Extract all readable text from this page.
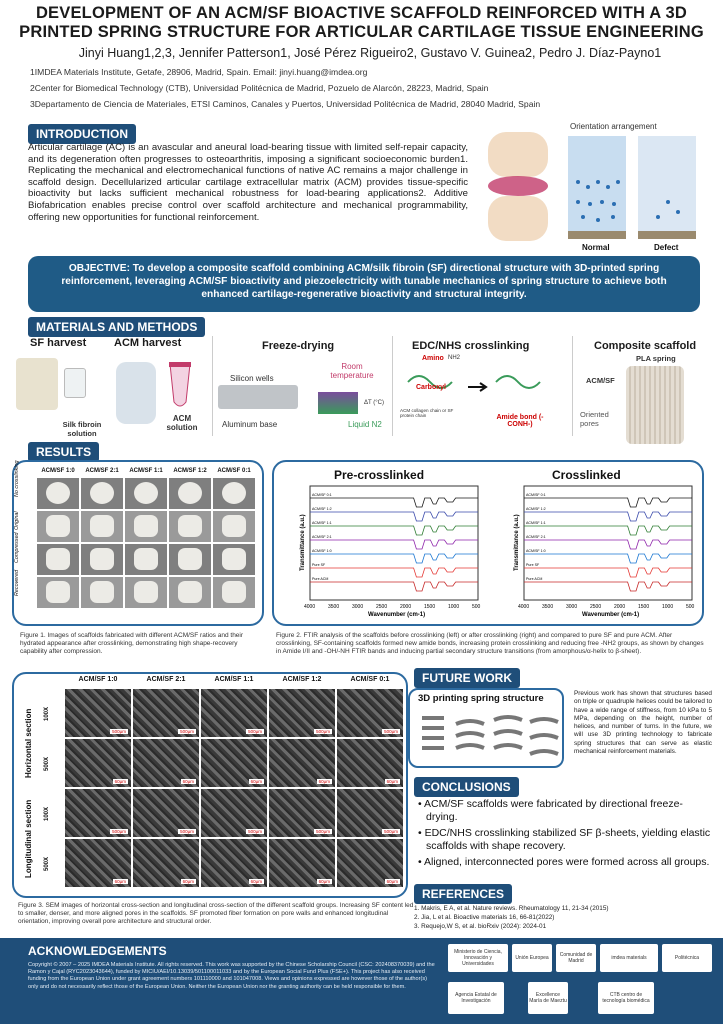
DEVELOPMENT OF AN ACM/SF BIOACTIVE SCAFFOLD REINFORCED WITH A 3D
PRINTED SPRING STRUCTURE FOR ARTICULAR CARTILAGE TISSUE ENGINEERING
Jinyi Huang1,2,3, Jennifer Patterson1, José Pérez Rigueiro2, Gustavo V. Guinea2, Pedro J. Díaz-Payno1
1IMDEA Materials Institute, Getafe, 28906, Madrid, Spain. Email: jinyi.huang@imdea.org
2Center for Biomedical Technology (CTB), Universidad Politécnica de Madrid, Pozuelo de Alarcón, 28223, Madrid, Spain
3Departamento de Ciencia de Materiales, ETSI Caminos, Canales y Puertos, Universidad Politécnica de Madrid, 28040 Madrid, Spain
INTRODUCTION
Articular cartilage (AC) is an avascular and aneural load-bearing tissue with limited self-repair capacity, and its degeneration often progresses to osteoarthritis, imposing a significant socioeconomic burden1. Replicating the mechanical and electromechanical functions of native AC remains a major challenge in scaffold design. Decellularized articular cartilage extracellular matrix (ACM) provides tissue-specific bioactivity but lacks sufficient mechanical robustness for load-bearing applications2. Additive Biofabrication enables precise control over scaffold architecture and mechanical programmability, offering new opportunities for functional reinforcement.
Orientation arrangement
Normal	Defect
OBJECTIVE: To develop a composite scaffold combining ACM/silk fibroin (SF) directional structure with 3D-printed spring reinforcement, leveraging ACM/SF bioactivity and piezoelectricity with tunable mechanics of spring structure to achieve both enhanced cartilage-regenerative bioactivity and structural integrity.
MATERIALS AND METHODS
SF harvest
Silk fibroin solution
ACM harvest
ACM solution
Freeze-drying
Silicon wells
Aluminum base
Room temperature
ΔT (°C)
Liquid N2
EDC/NHS crosslinking
Amino NH2
Carboxyl
ACM collagen chain or SF protein chain	Amide bond (-CONH-)
Composite scaffold
PLA spring
ACM/SF
Oriented pores
RESULTS
ACM/SF 1:0	ACM/SF 2:1	ACM/SF 1:1	ACM/SF 1:2	ACM/SF 0:1
No crosslinking
Original
Compressed
Recovered
Figure 1. Images of scaffolds fabricated with different ACM/SF ratios and their hydrated appearance after crosslinking, demonstrating high shape-recovery capability after compression.
Pre-crosslinked	Crosslinked
ACM/SF 0:1
ACM/SF 1:2
ACM/SF 1:1
ACM/SF 2:1
ACM/SF 1:0
Pure SF
Pure ACM
4000	3500	3000	2500	2000	1500	1000	500
Wavenumber (cm-1)
Transmittance (a.u.)
ACM/SF 0:1
ACM/SF 1:2
ACM/SF 1:1
ACM/SF 2:1
ACM/SF 1:0
Pure SF
Pure ACM
4000	3500	3000	2500	2000	1500	1000	500
Wavenumber (cm-1)
Transmittance (a.u.)
Figure 2. FTIR analysis of the scaffolds before crosslinking (left) or after crosslinking (right) and compared to pure SF and pure ACM. After crosslinking, SF-containing scaffolds formed new amide bonds, increasing protein crosslinking and reducing free -NH2 groups, as shown by changes in Amide I/II and -OH/-NH FTIR bands and inducing partial secondary structure transitions (from amorphous/α-helix to β-sheet).
ACM/SF 1:0	ACM/SF 2:1	ACM/SF 1:1	ACM/SF 1:2	ACM/SF 0:1
Horizontal section
Longitudinal section
100X
500μm	500μm	500μm	500μm	500μm
500X
60μm	60μm	60μm	60μm	60μm
100X
500μm	500μm	500μm	500μm	500μm
500X
60μm	60μm	60μm	60μm	60μm
Figure 3. SEM images of horizontal cross-section and longitudinal cross-section of the different scaffold groups. Increasing SF content led to smaller, denser, and more aligned pores in the scaffolds. SF promoted fiber formation on pore walls and enhanced longitudinal orientation, improving overall pore architecture and structural order.
FUTURE WORK
3D printing spring structure	Previous work has shown that structures based on triple or quadruple helices could be tailored to have a wide range of stiffness, from 10 kPa to 5 MPa, depending on the height, number of helices, and number of turns. In the future, we will use 3D printing technology to fabricate spring structures that can serve as elastic mechanical reinforcement materials.
CONCLUSIONS
• ACM/SF scaffolds were fabricated by directional freeze-drying.
• EDC/NHS crosslinking stabilized SF β-sheets, yielding elastic scaffolds with shape recovery.
• Aligned, interconnected pores were formed across all groups.
REFERENCES
1. Makris, E A, et al. Nature reviews. Rheumatology 11, 21-34 (2015)
2. Jia, L et al. Bioactive materials 16, 66-81(2022)
3. Requejo,W S, et al. bioRxiv (2024): 2024-01
ACKNOWLEDGEMENTS
Copyright © 2007 – 2025 IMDEA Materials Institute. All rights reserved. This work was supported by the Chinese Scholarship Council (CSC: 202408370039) and the Ramon y Cajal (RYC2023043644), funded by MICIU/AEI/10.13039/501100011033 and by the European Social Fund Plus (FSE+). This project has also received funding from the European Union under grant agreement numbers 101110000 and 101047008. Views and opinions expressed are however those of the author(s) only and do not necessarily reflect those of the European Union. Neither the European Union nor the granting authority can be held responsible for them.
Ministerio de Ciencia, Innovación y Universidades
Unión Europea	Comunidad de Madrid	imdea materials	Politécnica
Agencia Estatal de Investigación
Excellence María de Maeztu
CTB centro de tecnología biomédica
